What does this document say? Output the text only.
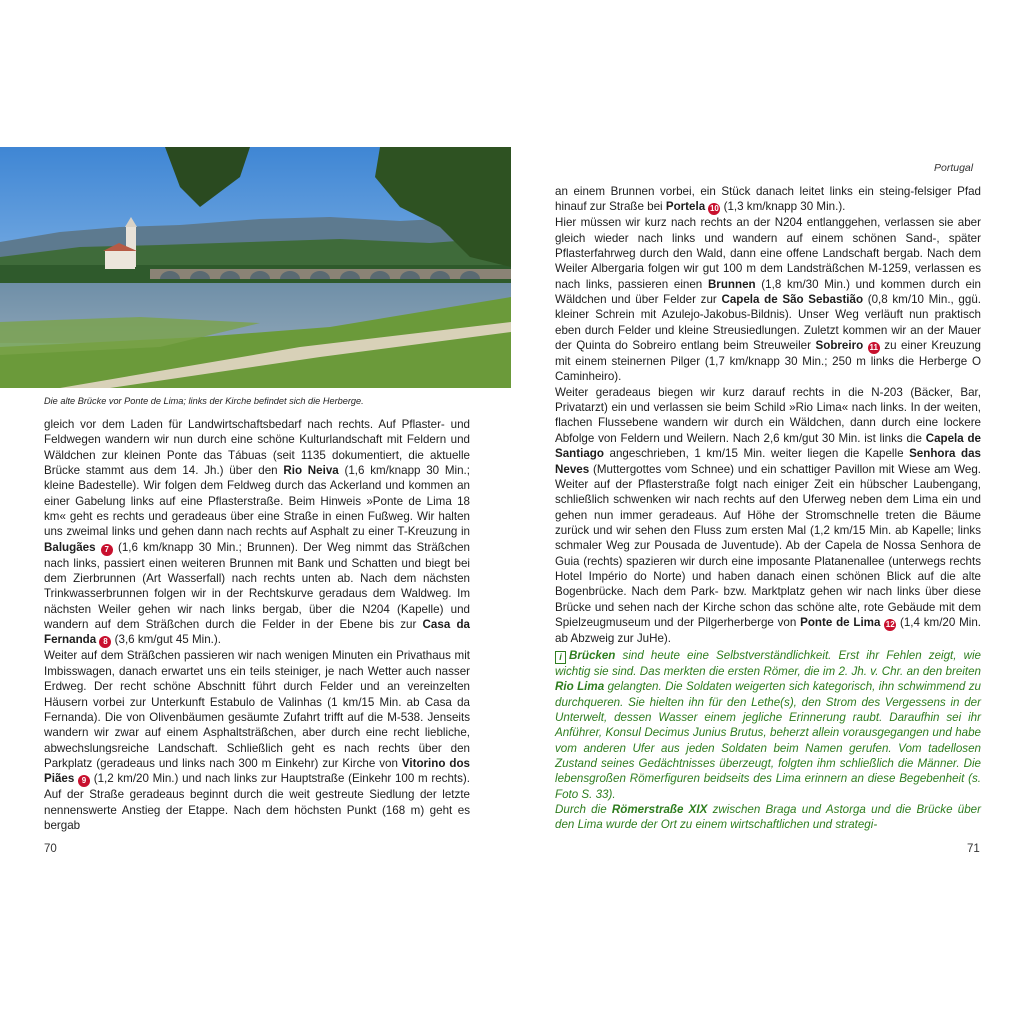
Die alte Brücke vor Ponte de Lima; links der Kirche befindet sich die Herberge.
Portugal

gleich vor dem Laden für Landwirtschaftsbedarf nach rechts. Auf Pflaster- und Feldwegen wandern wir nun durch eine schöne Kulturlandschaft mit Feldern und Wäldchen zur kleinen Ponte das Tábuas (seit 1135 dokumentiert, die aktuelle Brücke stammt aus dem 14. Jh.) über den Rio Neiva (1,6 km/knapp 30 Min.; kleine Badestelle). Wir folgen dem Feldweg durch das Ackerland und kommen an einer Gabelung links auf eine Pflasterstraße. Beim Hinweis »Ponte de Lima 18 km« geht es rechts und geradeaus über eine Straße in einen Fußweg. Wir halten uns zweimal links und gehen dann nach rechts auf Asphalt zu einer T-Kreuzung in Balugães 7 (1,6 km/knapp 30 Min.; Brunnen). Der Weg nimmt das Sträßchen nach links, passiert einen weiteren Brunnen mit Bank und Schatten und biegt bei dem Zierbrunnen (Art Wasserfall) nach rechts unten ab. Nach dem nächsten Trinkwasserbrunnen folgen wir in der Rechtskurve geradaus dem Waldweg. Im nächsten Weiler gehen wir nach links bergab, über die N204 (Kapelle) und wandern auf dem Sträßchen durch die Felder in der Ebene bis zur Casa da Fernanda 8 (3,6 km/gut 45 Min.).

Weiter auf dem Sträßchen passieren wir nach wenigen Minuten ein Privathaus mit Imbisswagen, danach erwartet uns ein teils steiniger, je nach Wetter auch nasser Erdweg. Der recht schöne Abschnitt führt durch Felder und an vereinzelten Häusern vorbei zur Unterkunft Estabulo de Valinhas (1 km/15 Min. ab Casa da Fernanda). Die von Olivenbäumen gesäumte Zufahrt trifft auf die M-538. Jenseits wandern wir zwar auf einem Asphaltsträßchen, aber durch eine recht liebliche, abwechslungsreiche Landschaft. Schließlich geht es nach rechts über den Parkplatz (geradeaus und links nach 300 m Einkehr) zur Kirche von Vitorino dos Piães 9 (1,2 km/20 Min.) und nach links zur Hauptstraße (Einkehr 100 m rechts). Auf der Straße geradeaus beginnt durch die weit gestreute Siedlung der letzte nennenswerte Anstieg der Etappe. Nach dem höchsten Punkt (168 m) geht es bergab

an einem Brunnen vorbei, ein Stück danach leitet links ein steing-felsiger Pfad hinauf zur Straße bei Portela 10 (1,3 km/knapp 30 Min.).

Hier müssen wir kurz nach rechts an der N204 entlanggehen, verlassen sie aber gleich wieder nach links und wandern auf einem schönen Sand-, später Pflasterfahrweg durch den Wald, dann eine offene Landschaft bergab. Nach dem Weiler Albergaria folgen wir gut 100 m dem Landsträßchen M-1259, verlassen es nach links, passieren einen Brunnen (1,8 km/30 Min.) und kommen durch ein Wäldchen und über Felder zur Capela de São Sebastião (0,8 km/10 Min., ggü. kleiner Schrein mit Azulejo-Jakobus-Bildnis). Unser Weg verläuft nun praktisch eben durch Felder und kleine Streusiedlungen. Zuletzt kommen wir an der Mauer der Quinta do Sobreiro entlang beim Streuweiler Sobreiro 11 zu einer Kreuzung mit einem steinernen Pilger (1,7 km/knapp 30 Min.; 250 m links die Herberge O Caminheiro).

Weiter geradeaus biegen wir kurz darauf rechts in die N-203 (Bäcker, Bar, Privatarzt) ein und verlassen sie beim Schild »Rio Lima« nach links. In der weiten, flachen Flussebene wandern wir durch ein Wäldchen, dann durch eine lockere Abfolge von Feldern und Weilern. Nach 2,6 km/gut 30 Min. ist links die Capela de Santiago angeschrieben, 1 km/15 Min. weiter liegen die Kapelle Senhora das Neves (Muttergottes vom Schnee) und ein schattiger Pavillon mit Wiese am Weg. Weiter auf der Pflasterstraße folgt nach einiger Zeit ein hübscher Laubengang, schließlich schwenken wir nach rechts auf den Uferweg neben dem Lima ein und gehen nun immer geradeaus. Auf Höhe der Stromschnelle treten die Bäume zurück und wir sehen den Fluss zum ersten Mal (1,2 km/15 Min. ab Kapelle; links schmaler Weg zur Pousada de Juventude). Ab der Capela de Nossa Senhora de Guia (rechts) spazieren wir durch eine imposante Platanenallee (unterwegs rechts Hotel Império do Norte) und haben danach einen schönen Blick auf die alte Bogenbrücke. Nach dem Park- bzw. Marktplatz gehen wir nach links über diese Brücke und sehen nach der Kirche schon das schöne alte, rote Gebäude mit dem Spielzeugmuseum und der Pilgerherberge von Ponte de Lima 12 (1,4 km/20 Min. ab Abzweig zur JuHe).

i Brücken sind heute eine Selbstverständlichkeit. Erst ihr Fehlen zeigt, wie wichtig sie sind. Das merkten die ersten Römer, die im 2. Jh. v. Chr. an den breiten Rio Lima gelangten. Die Soldaten weigerten sich kategorisch, ihn schwimmend zu durchqueren. Sie hielten ihn für den Lethe(s), den Strom des Vergessens in der Unterwelt, dessen Wasser einem jegliche Erinnerung raubt. Daraufhin sei ihr Anführer, Konsul Decimus Junius Brutus, beherzt allein vorausgegangen und habe vom anderen Ufer aus jeden Soldaten beim Namen gerufen. Vom tadellosen Zustand seines Gedächtnisses überzeugt, folgten ihm schließlich die Männer. Die lebensgroßen Römerfiguren beidseits des Lima erinnern an diese Begebenheit (s. Foto S. 33).

Durch die Römerstraße XIX zwischen Braga und Astorga und die Brücke über den Lima wurde der Ort zu einem wirtschaftlichen und strategi-

70	71
